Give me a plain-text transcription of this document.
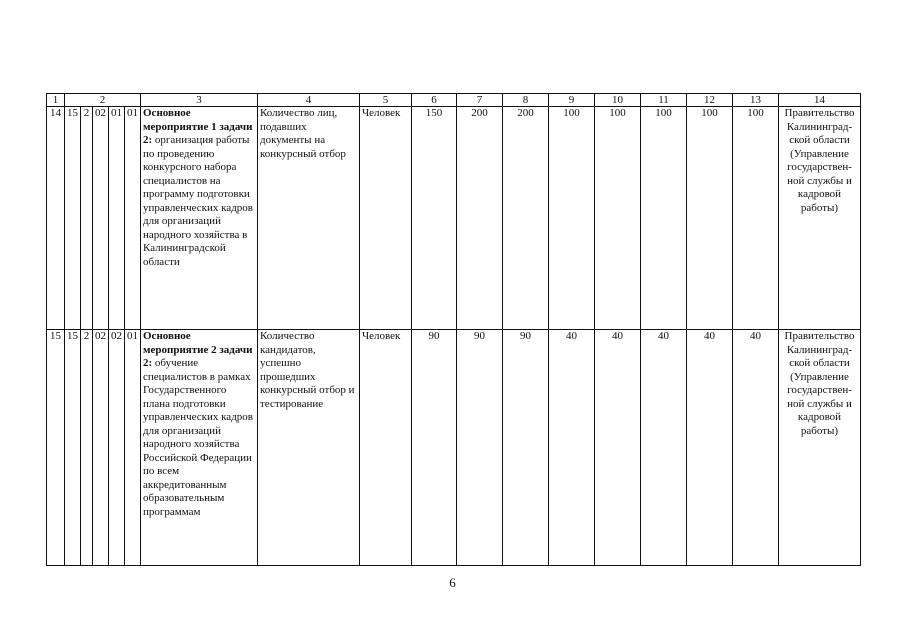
1	2					3	4	5	6	7	8	9	10	11	12	13	14
14	15	2	02	01	01	Основное мероприятие 1 задачи 2: организация работы по проведению конкурсного набора специалистов на программу подготовки управленческих кадров для организаций народного хозяйства в Калининградской области	Количество лиц, подавших документы на конкурсный отбор	Человек	150	200	200	100	100	100	100	100	Правительство Калининград-ской области (Управление государствен-ной службы и кадровой работы)
15	15	2	02	02	01	Основное мероприятие 2 задачи 2: обучение специалистов в рамках Государственного плана подготовки управленческих кадров для организаций народного хозяйства Российской Федерации по всем аккредитованным образовательным программам	Количество кандидатов, успешно прошедших конкурсный отбор и тестирование	Человек	90	90	90	40	40	40	40	40	Правительство Калининград-ской области (Управление государствен-ной службы и кадровой работы)
6
